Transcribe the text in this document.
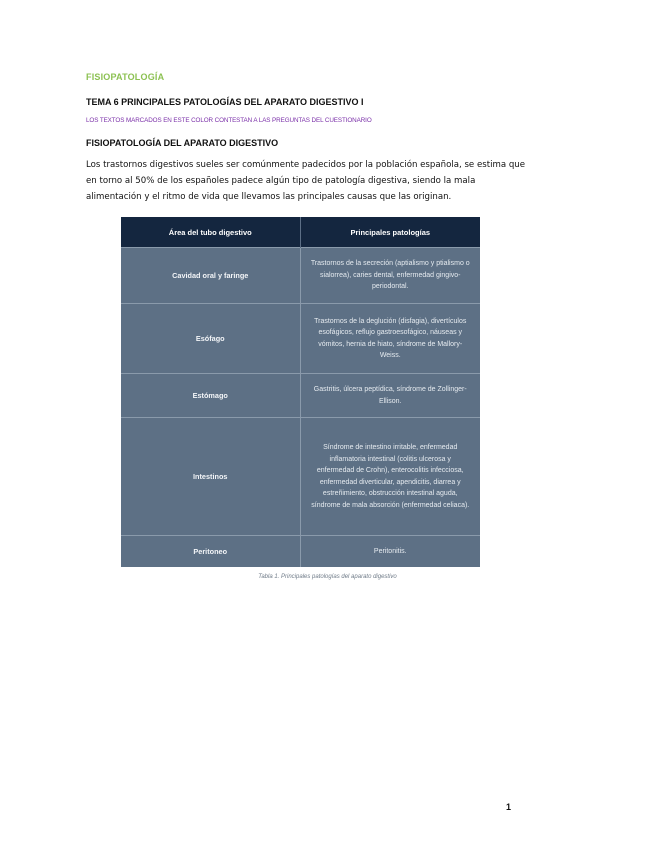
FISIOPATOLOGÍA
TEMA 6 PRINCIPALES PATOLOGÍAS DEL APARATO DIGESTIVO I
LOS TEXTOS MARCADOS EN ESTE COLOR CONTESTAN A LAS PREGUNTAS DEL CUESTIONARIO
FISIOPATOLOGÍA DEL APARATO DIGESTIVO

Los trastornos digestivos sueles ser comúnmente padecidos por la población española, se estima que en torno al 50% de los españoles padece algún tipo de patología digestiva, siendo la mala alimentación y el ritmo de vida que llevamos las principales causas que las originan.

Área del tubo digestivo	Principales patologías
Cavidad oral y faringe	Trastornos de la secreción (aptialismo y ptialismo o sialorrea), caries dental, enfermedad gingivo-periodontal.
Esófago	Trastornos de la deglución (disfagia), divertículos esofágicos, reflujo gastroesofágico, náuseas y vómitos, hernia de hiato, síndrome de Mallory-Weiss.
Estómago	Gastritis, úlcera peptídica, síndrome de Zollinger-Ellison.
Intestinos	Síndrome de intestino irritable, enfermedad inflamatoria intestinal (colitis ulcerosa y enfermedad de Crohn), enterocolitis infecciosa, enfermedad diverticular, apendicitis, diarrea y estreñimiento, obstrucción intestinal aguda, síndrome de mala absorción (enfermedad celiaca).
Peritoneo	Peritonitis.
Tabla 1. Principales patologías del aparato digestivo
1
